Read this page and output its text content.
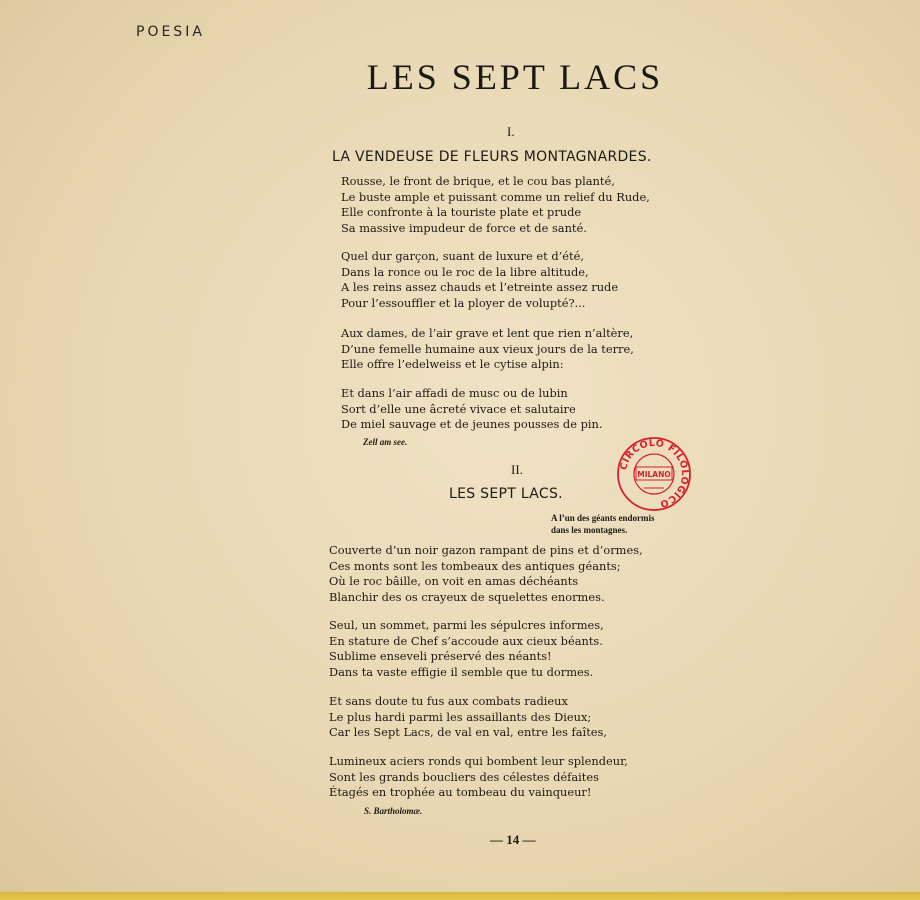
POESIA
LES SEPT LACS
I.
LA VENDEUSE DE FLEURS MONTAGNARDES.
Rousse, le front de brique, et le cou bas planté,
Le buste ample et puissant comme un relief du Rude,
Elle confronte à la touriste plate et prude
Sa massive impudeur de force et de santé.
Quel dur garçon, suant de luxure et d’été,
Dans la ronce ou le roc de la libre altitude,
A les reins assez chauds et l’etreinte assez rude
Pour l’essouffler et la ployer de volupté?...
Aux dames, de l’air grave et lent que rien n’altère,
D’une femelle humaine aux vieux jours de la terre,
Elle offre l’edelweiss et le cytise alpin:
Et dans l’air affadi de musc ou de lubin
Sort d’elle une âcreté vivace et salutaire
De miel sauvage et de jeunes pousses de pin.
Zell am see.
II.
LES SEPT LACS.
A l’un des géants endormis
dans les montagnes.
CIRCOLO FILOLOGICO
MILANO
Couverte d’un noir gazon rampant de pins et d’ormes,
Ces monts sont les tombeaux des antiques géants;
Où le roc bâille, on voit en amas déchéants
Blanchir des os crayeux de squelettes enormes.
Seul, un sommet, parmi les sépulcres informes,
En stature de Chef s’accoude aux cieux béants.
Sublime enseveli préservé des néants!
Dans ta vaste effigie il semble que tu dormes.
Et sans doute tu fus aux combats radieux
Le plus hardi parmi les assaillants des Dieux;
Car les Sept Lacs, de val en val, entre les faîtes,
Lumineux aciers ronds qui bombent leur splendeur,
Sont les grands boucliers des célestes défaites
Étagés en trophée au tombeau du vainqueur!
S. Bartholomæ.
— 14 —
